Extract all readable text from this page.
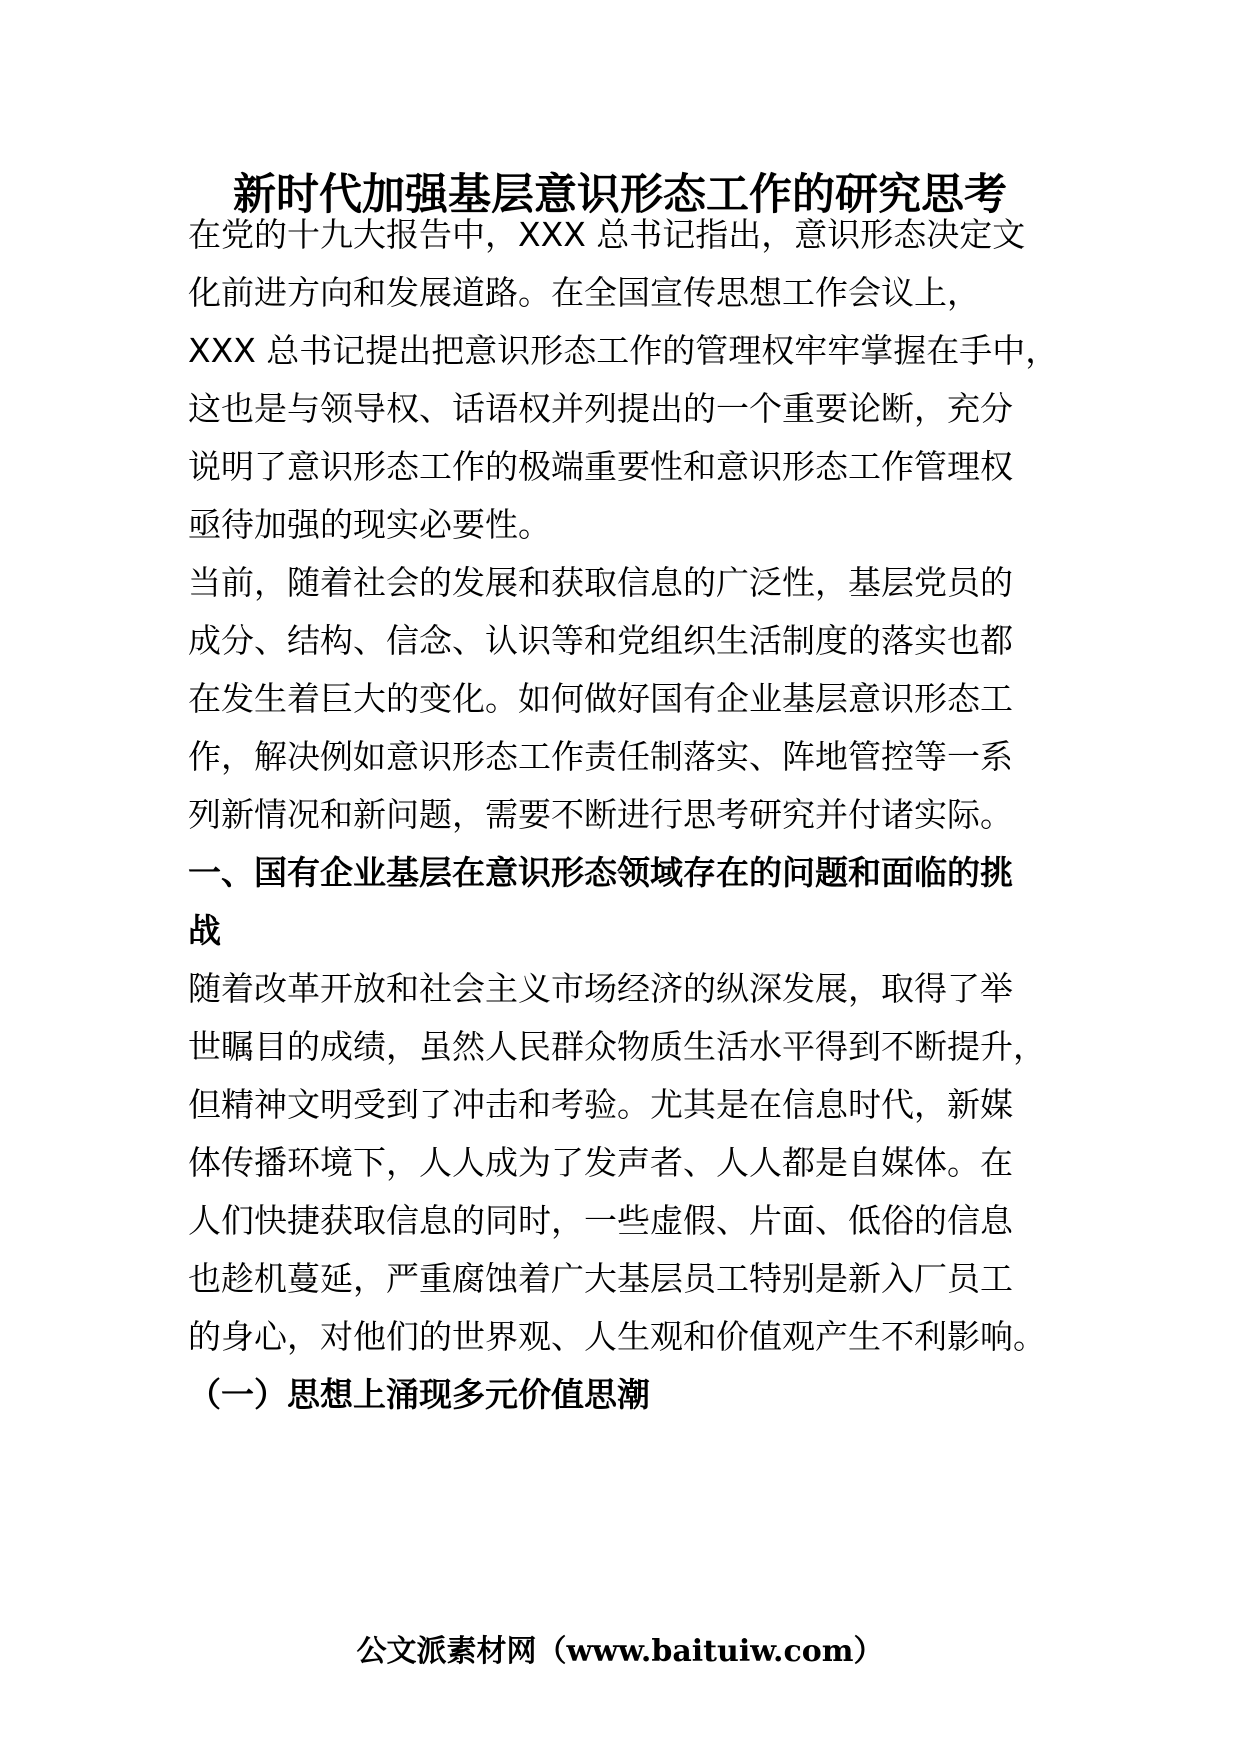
新时代加强基层意识形态工作的研究思考
在党的十九大报告中，XXX 总书记指出，意识形态决定文
化前进方向和发展道路。在全国宣传思想工作会议上，
XXX 总书记提出把意识形态工作的管理权牢牢掌握在手中，
这也是与领导权、话语权并列提出的一个重要论断，充分
说明了意识形态工作的极端重要性和意识形态工作管理权
亟待加强的现实必要性。
当前，随着社会的发展和获取信息的广泛性，基层党员的
成分、结构、信念、认识等和党组织生活制度的落实也都
在发生着巨大的变化。如何做好国有企业基层意识形态工
作，解决例如意识形态工作责任制落实、阵地管控等一系
列新情况和新问题，需要不断进行思考研究并付诸实际。
一、国有企业基层在意识形态领域存在的问题和面临的挑
战
随着改革开放和社会主义市场经济的纵深发展，取得了举
世瞩目的成绩，虽然人民群众物质生活水平得到不断提升，
但精神文明受到了冲击和考验。尤其是在信息时代，新媒
体传播环境下，人人成为了发声者、人人都是自媒体。在
人们快捷获取信息的同时，一些虚假、片面、低俗的信息
也趁机蔓延，严重腐蚀着广大基层员工特别是新入厂员工
的身心，对他们的世界观、人生观和价值观产生不利影响。
（一）思想上涌现多元价值思潮
公文派素材网（www.baituiw.com）
